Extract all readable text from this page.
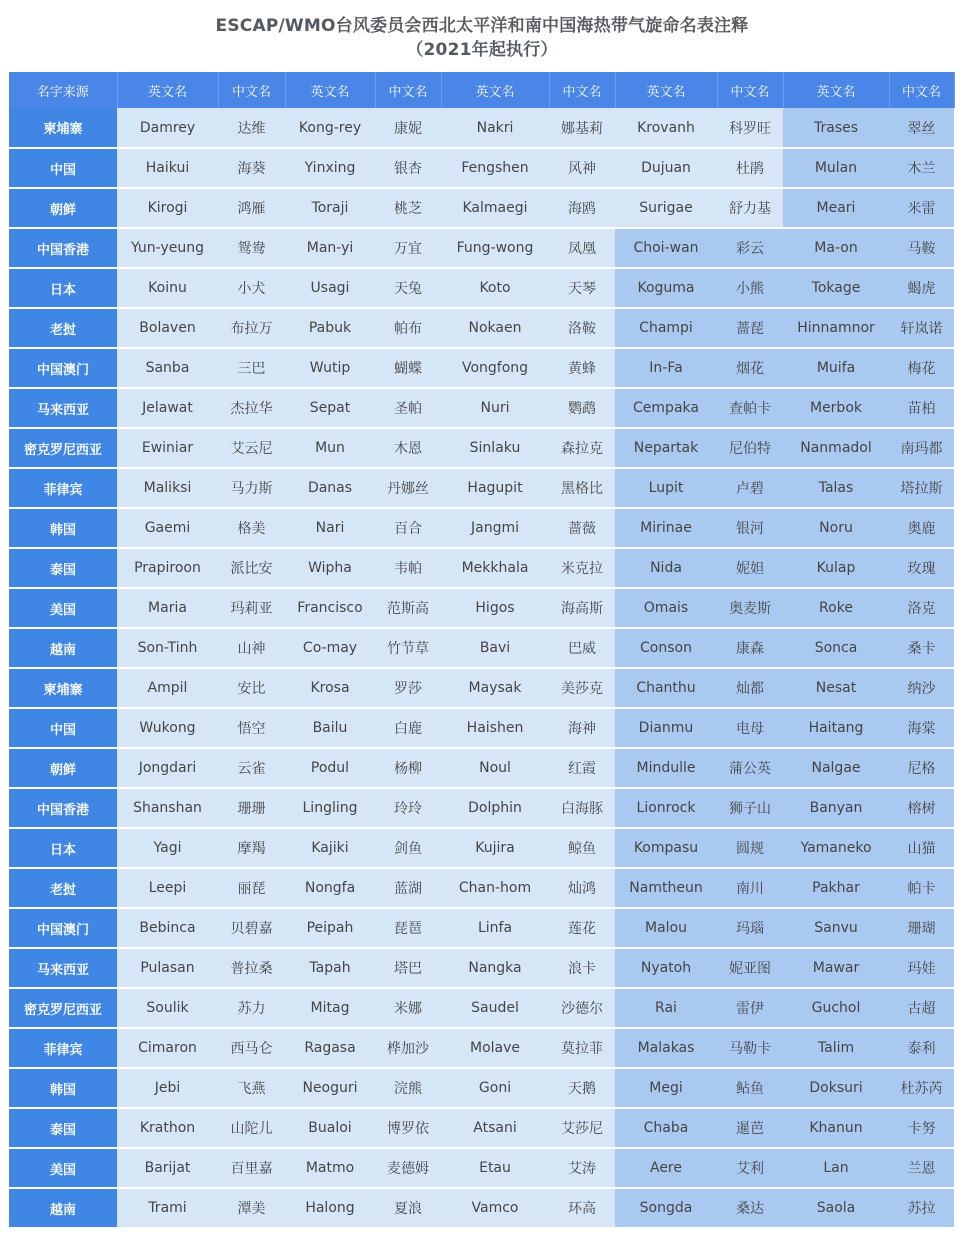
ESCAP/WMO台风委员会西北太平洋和南中国海热带气旋命名表注释
（2021年起执行）
名字来源	英文名	中文名	英文名	中文名	英文名	中文名	英文名	中文名	英文名	中文名
柬埔寨	Damrey	达维	Kong-rey	康妮	Nakri	娜基莉	Krovanh	科罗旺	Trases	翠丝
中国	Haikui	海葵	Yinxing	银杏	Fengshen	风神	Dujuan	杜鹃	Mulan	木兰
朝鲜	Kirogi	鸿雁	Toraji	桃芝	Kalmaegi	海鸥	Surigae	舒力基	Meari	米雷
中国香港	Yun-yeung	鸳鸯	Man-yi	万宜	Fung-wong	凤凰	Choi-wan	彩云	Ma-on	马鞍
日本	Koinu	小犬	Usagi	天兔	Koto	天琴	Koguma	小熊	Tokage	蝎虎
老挝	Bolaven	布拉万	Pabuk	帕布	Nokaen	洛鞍	Champi	蔷琵	Hinnamnor	轩岚诺
中国澳门	Sanba	三巴	Wutip	蝴蝶	Vongfong	黄蜂	In-Fa	烟花	Muifa	梅花
马来西亚	Jelawat	杰拉华	Sepat	圣帕	Nuri	鹦鹉	Cempaka	查帕卡	Merbok	苗柏
密克罗尼西亚	Ewiniar	艾云尼	Mun	木恩	Sinlaku	森拉克	Nepartak	尼伯特	Nanmadol	南玛都
菲律宾	Maliksi	马力斯	Danas	丹娜丝	Hagupit	黑格比	Lupit	卢碧	Talas	塔拉斯
韩国	Gaemi	格美	Nari	百合	Jangmi	蔷薇	Mirinae	银河	Noru	奥鹿
泰国	Prapiroon	派比安	Wipha	韦帕	Mekkhala	米克拉	Nida	妮妲	Kulap	玫瑰
美国	Maria	玛莉亚	Francisco	范斯高	Higos	海高斯	Omais	奥麦斯	Roke	洛克
越南	Son-Tinh	山神	Co-may	竹节草	Bavi	巴威	Conson	康森	Sonca	桑卡
柬埔寨	Ampil	安比	Krosa	罗莎	Maysak	美莎克	Chanthu	灿都	Nesat	纳沙
中国	Wukong	悟空	Bailu	白鹿	Haishen	海神	Dianmu	电母	Haitang	海棠
朝鲜	Jongdari	云雀	Podul	杨柳	Noul	红霞	Mindulle	蒲公英	Nalgae	尼格
中国香港	Shanshan	珊珊	Lingling	玲玲	Dolphin	白海豚	Lionrock	狮子山	Banyan	榕树
日本	Yagi	摩羯	Kajiki	剑鱼	Kujira	鲸鱼	Kompasu	圆规	Yamaneko	山猫
老挝	Leepi	丽琵	Nongfa	蓝湖	Chan-hom	灿鸿	Namtheun	南川	Pakhar	帕卡
中国澳门	Bebinca	贝碧嘉	Peipah	琵琶	Linfa	莲花	Malou	玛瑙	Sanvu	珊瑚
马来西亚	Pulasan	普拉桑	Tapah	塔巴	Nangka	浪卡	Nyatoh	妮亚图	Mawar	玛娃
密克罗尼西亚	Soulik	苏力	Mitag	米娜	Saudel	沙德尔	Rai	雷伊	Guchol	古超
菲律宾	Cimaron	西马仑	Ragasa	桦加沙	Molave	莫拉菲	Malakas	马勒卡	Talim	泰利
韩国	Jebi	飞燕	Neoguri	浣熊	Goni	天鹅	Megi	鲇鱼	Doksuri	杜苏芮
泰国	Krathon	山陀儿	Bualoi	博罗依	Atsani	艾莎尼	Chaba	暹芭	Khanun	卡努
美国	Barijat	百里嘉	Matmo	麦德姆	Etau	艾涛	Aere	艾利	Lan	兰恩
越南	Trami	潭美	Halong	夏浪	Vamco	环高	Songda	桑达	Saola	苏拉
